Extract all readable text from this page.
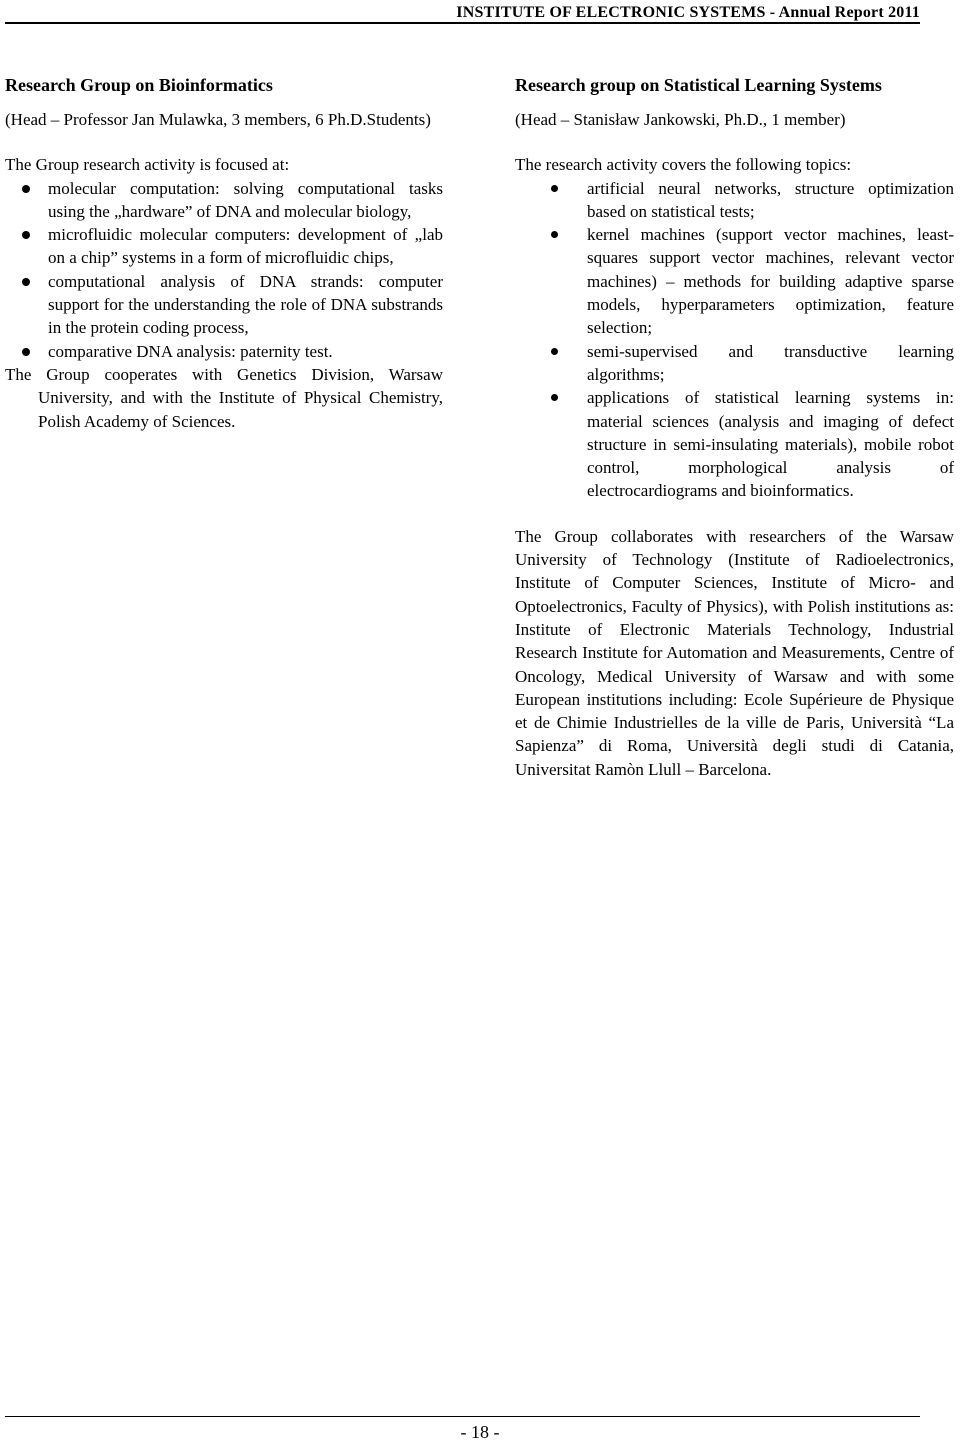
INSTITUTE OF ELECTRONIC SYSTEMS - Annual Report 2011
Research Group on Bioinformatics

(Head – Professor Jan Mulawka, 3 members, 6 Ph.D.Students)

The Group research activity is focused at:

molecular computation: solving computational tasks using the „hardware” of DNA and molecular biology,
microfluidic molecular computers: development of „lab on a chip” systems in a form of microfluidic chips,
computational analysis of DNA strands: computer support for the understanding the role of DNA substrands in the protein coding process,
comparative DNA analysis: paternity test.

The Group cooperates with Genetics Division, Warsaw University, and with the Institute of Physical Chemistry, Polish Academy of Sciences.

Research group on Statistical Learning Systems

(Head – Stanisław Jankowski, Ph.D., 1 member)

The research activity covers the following topics:

artificial neural networks, structure optimization based on statistical tests;
kernel machines (support vector machines, least-squares support vector machines, relevant vector machines) – methods for building adaptive sparse models, hyperparameters optimization, feature selection;
semi-supervised and transductive learning algorithms;
applications of statistical learning systems in: material sciences (analysis and imaging of defect structure in semi-insulating materials), mobile robot control, morphological analysis of electrocardiograms and bioinformatics.

The Group collaborates with researchers of the Warsaw University of Technology (Institute of Radioelectronics, Institute of Computer Sciences, Institute of Micro- and Optoelectronics, Faculty of Physics), with Polish institutions as: Institute of Electronic Materials Technology, Industrial Research Institute for Automation and Measurements, Centre of Oncology, Medical University of Warsaw and with some European institutions including: Ecole Supérieure de Physique et de Chimie Industrielles de la ville de Paris, Università “La Sapienza” di Roma, Università degli studi di Catania, Universitat Ramòn Llull – Barcelona.

- 18 -
